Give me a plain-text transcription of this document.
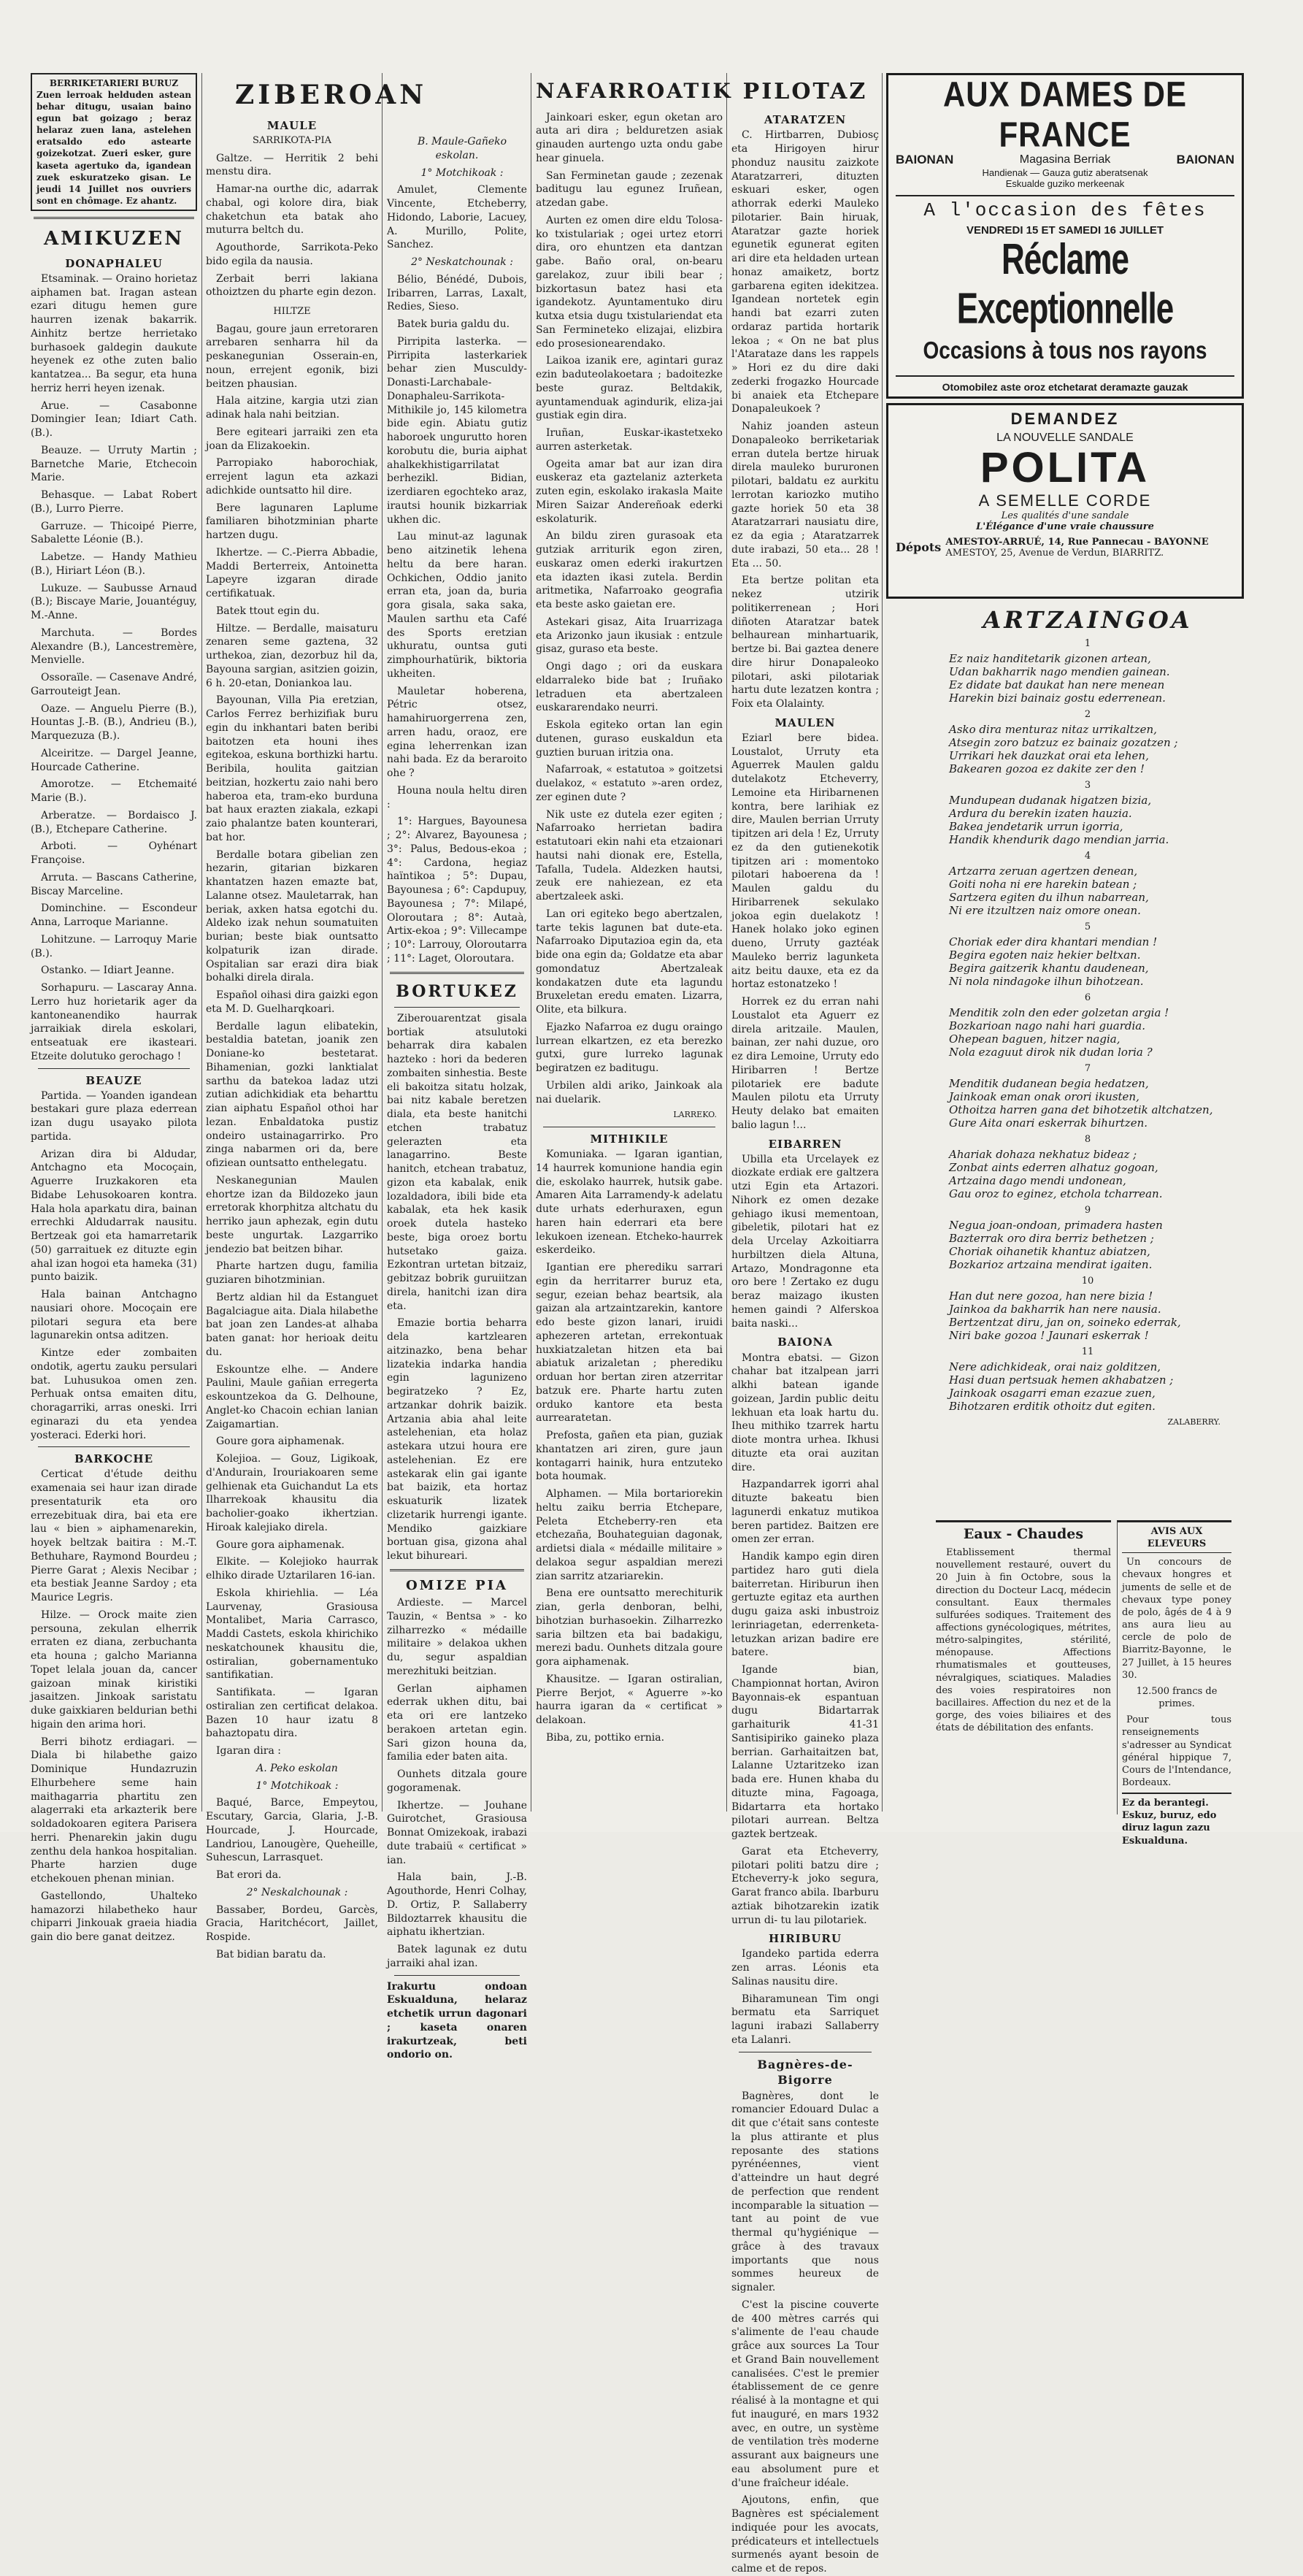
BERRIKETARIERI BURUZ
Zuen lerroak helduden astean behar ditugu, usaian baino egun bat goizago ; beraz helaraz zuen lana, astelehen eratsaldo edo astearte goizekotzat. Zueri esker, gure kaseta agertuko da, igandean zuek eskuratzeko gisan. Le jeudi 14 Juillet nos ouvriers sont en chômage. Ez ahantz.
AMIKUZEN
DONAPHALEU

Etsaminak. — Oraino horietaz aiphamen bat. Iragan astean ezari ditugu hemen gure haurren izenak bakarrik. Ainhitz bertze herrietako burhasoek galdegin daukute heyenek ez othe zuten balio kantatzea... Ba segur, eta huna herriz herri heyen izenak.

Arue. — Casabonne Domingier Iean; Idiart Cath. (B.).

Beauze. — Urruty Martin ; Barnetche Marie, Etchecoin Marie.

Behasque. — Labat Robert (B.), Lurro Pierre.

Garruze. — Thicoipé Pierre, Sabalette Léonie (B.).

Labetze. — Handy Mathieu (B.), Hiriart Léon (B.).

Lukuze. — Saubusse Arnaud (B.); Biscaye Marie, Jouantéguy, M.-Anne.

Marchuta. — Bordes Alexandre (B.), Lancestremère, Menvielle.

Ossoraïle. — Casenave André, Garrouteigt Jean.

Oaze. — Anguelu Pierre (B.), Hountas J.-B. (B.), Andrieu (B.), Marquezuza (B.).

Alceiritze. — Dargel Jeanne, Hourcade Catherine.

Amorotze. — Etchemaité Marie (B.).

Arberatze. — Bordaisco J. (B.), Etchepare Catherine.

Arboti. — Oyhénart Françoise.

Arruta. — Bascans Catherine, Biscay Marceline.

Dominchine. — Escondeur Anna, Larroque Marianne.

Lohitzune. — Larroquy Marie (B.).

Ostanko. — Idiart Jeanne.

Sorhapuru. — Lascaray Anna. Lerro huz horietarik ager da kantoneanendiko haurrak jarraikiak direla eskolari, entseatuak ere ikasteari. Etzeite dolutuko gerochago !

BEAUZE

Partida. — Yoanden igandean bestakari gure plaza ederrean izan dugu usayako pilota partida.

Arizan dira bi Aldudar, Antchagno eta Mocoçain, Aguerre Iruzkakoren eta Bidabe Lehusokoaren kontra. Hala hola aparkatu dira, bainan errechki Aldudarrak nausitu. Bertzeak goi eta hamarretarik (50) garraituek ez dituzte egin ahal izan hogoi eta hameka (31) punto baizik.

Hala bainan Antchagno nausiari ohore. Mocoçain ere pilotari segura eta bere lagunarekin ontsa aditzen.

Kintze eder zombaiten ondotik, agertu zauku persulari bat. Luhusukoa omen zen. Perhuak ontsa emaiten ditu, choragarriki, arras oneski. Irri eginarazi du eta yendea yosteraci. Ederki hori.

BARKOCHE

Certicat d'étude deithu examenaia sei haur izan dirade presentaturik eta oro errezebituak dira, bai eta ere lau « bien » aiphamenarekin, hoyek beltzak baitira : M.-T. Bethuhare, Raymond Bourdeu ; Pierre Garat ; Alexis Necibar ; eta bestiak Jeanne Sardoy ; eta Maurice Legris.

Hilze. — Orock maite zien persouna, zekulan elherrik erraten ez diana, zerbuchanta eta houna ; galcho Marianna Topet lelala jouan da, cancer gaizoan minak kiristiki jasaitzen. Jinkoak saristatu duke gaixkiaren beldurian bethi higain den arima hori.

Berri bihotz erdiagari. — Diala bi hilabethe gaizo Dominique Hundazruzin Elhurbehere seme hain maithagarria phartitu zen alagerraki eta arkazterik bere soldadokoaren egitera Parisera herri. Phenarekin jakin dugu zenthu dela hankoa hospitalian. Pharte harzien duge etchekouen phenan minian.

Gastellondo, Uhalteko hamazorzi hilabetheko haur chiparri Jinkouak graeia hiadia gain dio bere ganat deitzez.

ZIBEROAN
MAULE
SARRIKOTA-PIA

Galtze. — Herritik 2 behi menstu dira.

Hamar-na ourthe dic, adarrak chabal, ogi kolore dira, biak chaketchun eta batak aho muturra beltch du.

Agouthorde, Sarrikota-Peko bido egila da nausia.

Zerbait berri lakiana othoiztzen du pharte egin dezon.

HILTZE

Bagau, goure jaun erretoraren arrebaren senharra hil da peskanegunian Osserain-en, noun, errejent egonik, bizi beitzen phausian.

Hala aitzine, kargia utzi zian adinak hala nahi beitzian.

Bere egiteari jarraiki zen eta joan da Elizakoekin.

Parropiako haborochiak, errejent lagun eta azkazi adichkide ountsatto hil dire.

Bere lagunaren Laplume familiaren bihotzminian pharte hartzen dugu.

Ikhertze. — C.-Pierra Abbadie, Maddi Berterreix, Antoinetta Lapeyre izgaran dirade certifikatuak.

Batek ttout egin du.

Hiltze. — Berdalle, maisaturu zenaren seme gaztena, 32 urthekoa, zian, dezorbuz hil da, Bayouna sargian, asitzien goizin, 6 h. 20-etan, Doniankoa lau.

Bayounan, Villa Pia eretzian, Carlos Ferrez berhizifiak buru egin du inkhantari baten beribi baitotzen eta houni ihes egitekoa, eskuna borthizki hartu. Beribila, houlita gaitzian beitzian, hozkertu zaio nahi bero haberoa eta, tram-eko burduna bat haux erazten ziakala, ezkapi zaio phalantze baten kounterari, bat hor.

Berdalle botara gibelian zen hezarin, gitarian bizkaren khantatzen hazen emazte bat, Lalanne otsez. Mauletarrak, han beriak, axken hatsa egotchi du. Aldeko izak nehun soumatuiten burian; beste biak ountsatto kolpaturik izan dirade. Ospitalian sar erazi dira biak bohalki direla dirala.

Español oihasi dira gaizki egon eta M. D. Guelharqkoari.

Berdalle lagun elibatekin, bestaldia batetan, joanik zen Doniane-ko bestetarat. Bihamenian, gozki lanktialat sarthu da batekoa ladaz utzi zutian adichkidiak eta beharttu zian aiphatu Español othoi har lezan. Enbaldatoka pustiz ondeiro ustainagarrirko. Pro zinga nabarmen ori da, bere ofiziean ountsatto enthelegatu.

Neskanegunian Maulen ehortze izan da Bildozeko jaun erretorak khorphitza altchatu du herriko jaun aphezak, egin dutu beste ungurtak. Lazgarriko jendezio bat beitzen bihar.

Pharte hartzen dugu, familia guziaren bihotzminian.

Bertz aldian hil da Estanguet Bagalciague aita. Diala hilabethe bat joan zen Landes-at alhaba baten ganat: hor herioak deitu du.

Eskountze elhe. — Andere Paulini, Maule gañian erregerta eskountzekoa da G. Delhoune, Anglet-ko Chacoin echian lanian Zaigamartian.

Goure gora aiphamenak.

Kolejioa. — Gouz, Ligikoak, d'Andurain, Irouriakoaren seme gelhienak eta Guichandut La ets Ilharrekoak khausitu dia bacholier-goako ikhertzian. Hiroak kalejiako direla.

Goure gora aiphamenak.

Elkite. — Kolejioko haurrak elhiko dirade Uztarilaren 16-ian.

Eskola khiriehlia. — Léa Laurvenay, Grasiousa Montalibet, Maria Carrasco, Maddi Castets, eskola khirichiko neskatchounek khausitu die, ostiralian, gobernamentuko santifikatian.

Santifikata. — Igaran ostiralian zen certificat delakoa. Bazen 10 haur izatu 8 bahaztopatu dira.

Igaran dira :

A. Peko eskolan

1° Motchikoak :

Baqué, Barce, Empeytou, Escutary, Garcia, Glaria, J.-B. Hourcade, J. Hourcade, Landriou, Lanougère, Queheille, Suhescun, Larrasquet.

Bat erori da.

2° Neskalchounak :

Bassaber, Bordeu, Garcès, Gracia, Haritchécort, Jaillet, Rospide.

Bat bidian baratu da.

B. Maule-Gañeko eskolan.

1° Motchikoak :

Amulet, Clemente Vincente, Etcheberry, Hidondo, Laborie, Lacuey, A. Murillo, Polite, Sanchez.

2° Neskatchounak :

Bélio, Bénédé, Dubois, Iribarren, Larras, Laxalt, Redies, Sieso.

Batek buria galdu du.

Pirripita lasterka. — Pirripita lasterkariek behar zien Musculdy-Donasti-Larchabale-Donaphaleu-Sarrikota-Mithikile jo, 145 kilometra bide egin. Abiatu gutiz haboroek ungurutto horen korobutu die, buria aiphat ahalkekhistigarrilatat berhezikl. Bidian, izerdiaren egochteko araz, irautsi hounik bizkarriak ukhen dic.

Lau minut-az lagunak beno aitzinetik lehena heltu da bere haran. Ochkichen, Oddio janito erran eta, joan da, buria gora gisala, saka saka, Maulen sarthu eta Café des Sports eretzian ukhuratu, ountsa guti zimphourhatürik, biktoria ukheiten.

Mauletar hoberena, Pétric otsez, hamahiruorgerrena zen, arren hadu, oraoz, ere egina leherrenkan izan nahi bada. Ez da beraroito ohe ?

Houna noula heltu diren :

1°: Hargues, Bayounesa ; 2°: Alvarez, Bayounesa ; 3°: Palus, Bedous-ekoa ; 4°: Cardona, hegiaz haïntikoa ; 5°: Dupau, Bayounesa ; 6°: Capdupuy, Bayounesa ; 7°: Milapé, Oloroutara ; 8°: Autaà, Artix-ekoa ; 9°: Villecampe ; 10°: Larrouy, Oloroutarra ; 11°: Laget, Oloroutara.

BORTUKEZ

Ziberouarentzat gisala bortiak atsulutoki beharrak dira kabalen hazteko : hori da bederen zombaiten sinhestia. Beste eli bakoitza sitatu holzak, bai nitz kabale beretzen diala, eta beste hanitchi etchen trabatuz gelerazten eta lanagarrino. Beste hanitch, etchean trabatuz, gizon eta kabalak, enik lozaldadora, ibili bide eta kabalak, eta hek kasik oroek dutela hasteko beste, biga oroez bortu hutsetako gaiza. Ezkontran urtetan bitzaiz, gebitzaz bobrik guruiitzan direla, hanitchi izan dira eta.

Emazie bortia beharra dela kartzlearen aitzinazko, bena behar lizatekia indarka handia egin lagunizeno begiratzeko ? Ez, artzankar dohrik baizik. Artzania abia ahal leite astelehenian, eta holaz astekara utzui houra ere astelehenian. Ez ere astekarak elin gai igante bat baizik, eta hortaz eskuaturik lizatek clizetarik hurrengi igante. Mendiko gaizkiare bortuan gisa, gizona ahal lekut bihureari.

OMIZE PIA

Ardieste. — Marcel Tauzin, « Bentsa » - ko zilharrezko « médaille militaire » delakoa ukhen du, segur aspaldian merezhituki beitzian.

Gerlan aiphamen ederrak ukhen ditu, bai eta ori ere lantzeko berakoen artetan egin. Sari gizon houna da, familia eder baten aita.

Ounhets ditzala goure gogoramenak.

Ikhertze. — Jouhane Guirotchet, Grasiousa Bonnat Omizekoak, irabazi dute trabaiü « certificat » ian.

Hala bain, J.-B. Agouthorde, Henri Colhay, D. Ortiz, P. Sallaberry Bildoztarrek khausitu die aiphatu ikhertzian.

Batek lagunak ez dutu jarraiki ahal izan.

Irakurtu ondoan Eskualduna, helaraz etchetik urrun dagonari ; kaseta onaren irakurtzeak, beti ondorio on.

NAFARROATIK

Jainkoari esker, egun oketan aro auta ari dira ; belduretzen asiak ginauden aurtengo uzta ondu gabe hear ginuela.

San Ferminetan gaude ; zezenak baditugu lau egunez Iruñean, atzedan gabe.

Aurten ez omen dire eldu Tolosa-ko txistulariak ; ogei urtez etorri dira, oro ehuntzen eta dantzan gabe. Baño oral, on-bearu garelakoz, zuur ibili bear ; bizkortasun batez hasi eta igandekotz. Ayuntamentuko diru kutxa etsia dugu txistulariendat eta San Fermineteko elizajai, elizbira edo prosesionearendako.

Laikoa izanik ere, agintari guraz ezin baduteolakoetara ; badoitezke beste guraz. Beltdakik, ayuntamenduak agindurik, eliza-jai gustiak egin dira.

Iruñan, Euskar-ikastetxeko aurren asterketak.

Ogeita amar bat aur izan dira euskeraz eta gaztelaniz azterketa zuten egin, eskolako irakasla Maite Miren Saizar Andereñoak ederki eskolaturik.

An bildu ziren gurasoak eta gutziak arriturik egon ziren, euskaraz omen ederki irakurtzen eta idazten ikasi zutela. Berdin aritmetika, Nafarroako geografia eta beste asko gaietan ere.

Astekari gisaz, Aita Iruarrizaga eta Arizonko jaun ikusiak : entzule gisaz, guraso eta beste.

Ongi dago ; ori da euskara eldarraleko bide bat ; Iruñako letraduen eta abertzaleen euskararendako neurri.

Eskola egiteko ortan lan egin dutenen, guraso euskaldun eta guztien buruan iritzia ona.

Nafarroak, « estatutoa » goitzetsi duelakoz, « estatuto »-aren ordez, zer eginen dute ?

Nik uste ez dutela ezer egiten ; Nafarroako herrietan badira estatutoari ekin nahi eta etzaionari hautsi nahi dionak ere, Estella, Tafalla, Tudela. Aldezken hautsi, zeuk ere nahiezean, ez eta abertzaleek aski.

Lan ori egiteko bego abertzalen, tarte tekis lagunen bat dute-eta. Nafarroako Diputazioa egin da, eta bide ona egin da; Goldatze eta abar gomondatuz Abertzaleak kondakatzen dute eta lagundu Bruxeletan eredu ematen. Lizarra, Olite, eta bilkura.

Ejazko Nafarroa ez dugu oraingo lurrean elkartzen, ez eta berezko gutxi, gure lurreko lagunak begiratzen ez baditugu.

Urbilen aldi ariko, Jainkoak ala nai duelarik.

LARREKO.
MITHIKILE

Komuniaka. — Igaran igantian, 14 haurrek komunione handia egin die, eskolako haurrek, hutsik gabe. Amaren Aita Larramendy-k adelatu dute urhats ederhuraxen, egun haren hain ederrari eta bere lekukoen izenean. Etcheko-haurrek eskerdeiko.

Igantian ere pherediku sarrari egin da herritarrer buruz eta, segur, ezeian behaz beartsik, ala gaizan ala artzaintzarekin, kantore edo beste gizon lanari, iruidi aphezeren artetan, errekontuak huxkiatzaletan hitzen eta bai abiatuk arizaletan ; pherediku orduan hor bertan ziren atzerritar batzuk ere. Pharte hartu zuten orduko kantore eta besta aurrearatetan.

Prefosta, gañen eta pian, guziak khantatzen ari ziren, gure jaun kontagarri hainik, hura entzuteko bota houmak.

Alphamen. — Mila bortariorekin heltu zaiku berria Etchepare, Peleta Etcheberry-ren eta etchezaña, Bouhateguian dagonak, ardietsi diala « médaille militaire » delakoa segur aspaldian merezi zian sarritz atzariarekin.

Bena ere ountsatto merechiturik zian, gerla denboran, belhi, bihotzian burhasoekin. Zilharrezko saria biltzen eta bai badakigu, merezi badu. Ounhets ditzala goure gora aiphamenak.

Khausitze. — Igaran ostiralian, Pierre Berjot, « Aguerre »-ko haurra igaran da « certificat » delakoan.

Biba, zu, pottiko ernia.

PILOTAZ
ATARATZEN

C. Hirtbarren, Dubiosç eta Hirigoyen hirur phonduz nausitu zaizkote Ataratzarreri, dituzten eskuari esker, ogen athorrak ederki Mauleko pilotarier. Bain hiruak, Ataratzar gazte horiek egunetik egunerat egiten ari dire eta heldaden urtean honaz amaiketz, bortz garbarena egiten idekitzea. Igandean nortetek egin handi bat ezarri zuten ordaraz partida hortarik lekoa ; « On ne bat plus l'Atarataze dans les rappels » Hori ez du dire daki zederki frogazko Hourcade bi anaiek eta Etchepare Donapaleukoek ?

Nahiz joanden asteun Donapaleoko berriketariak erran dutela bertze hiruak direla mauleko bururonen pilotari, baldatu ez aurkitu lerrotan kariozko mutiho gazte horiek 50 eta 38 Ataratzarrari nausiatu dire, ez da egia ; Ataratzarrek dute irabazi, 50 eta... 28 ! Eta ... 50.

Eta bertze politan eta nekez utzirik politikerrenean ; Hori diñoten Ataratzar batek belhaurean minhartuarik, bertze bi. Bai gaztea denere dire hirur Donapaleoko pilotari, aski pilotariak hartu dute lezatzen kontra ; Foix eta Olalainty.

MAULEN

Eziarl bere bidea. Loustalot, Urruty eta Aguerrek Maulen galdu dutelakotz Etcheverry, Lemoine eta Hiribarnenen kontra, bere larihiak ez dire, Maulen berrian Urruty tipitzen ari dela ! Ez, Urruty ez da den gutienekotik tipitzen ari : momentoko pilotari haboerena da ! Maulen galdu du Hiribarrenek sekulako jokoa egin duelakotz ! Hanek holako joko eginen dueno, Urruty gaztéak Mauleko berriz lagunketa aitz beitu dauxe, eta ez da hortaz estonatzeko !

Horrek ez du erran nahi Loustalot eta Aguerr ez direla aritzaile. Maulen, bainan, zer nahi duzue, oro ez dira Lemoine, Urruty edo Hiribarren ! Bertze pilotariek ere badute Maulen pilotu eta Urruty Heuty delako bat emaiten balio lagun !...

EIBARREN

Ubilla eta Urcelayek ez diozkate erdiak ere galtzera utzi Egin eta Artazori. Nihork ez omen dezake gehiago ikusi mementoan, gibeletik, pilotari hat ez dela Urcelay Azkoitiarra hurbiltzen diela Altuna, Artazo, Mondragonne eta oro bere ! Zertako ez dugu beraz maizago ikusten hemen gaindi ? Alferskoa baita naski...

BAIONA

Montra ebatsi. — Gizon chahar bat itzalpean jarri alkhi batean igande goizean, Jardin public deitu lekhuan eta loak hartu du. Iheu mithiko tzarrek hartu diote montra urhea. Ikhusi dituzte eta orai auzitan dire.

Hazpandarrek igorri ahal dituzte bakeatu bien lagunerdi enkatuz mutikoa beren partidez. Baitzen ere omen zer erran.

Handik kampo egin diren partidez haro guti diela baiterretan. Hiriburun ihen gertuzte egitaz eta aurthen dugu gaiza aski inbustroiz lerinriagetan, ederrenketa-letuzkan arizan badire ere batere.

Igande bian, Championnat hortan, Aviron Bayonnais-ek espantuan dugu Bidartarrak garhaiturik 41-31 Santisipiriko gaineko plaza berrian. Garhaitaitzen bat, Lalanne Uztaritzeko izan bada ere. Hunen khaba du dituzte mina, Fagoaga, Bidartarra eta hortako pilotari aurrean. Beltza gaztek bertzeak.

Garat eta Etcheverry, pilotari politi batzu dire ; Etcheverry-k joko segura, Garat franco abila. Ibarburu aztiak bihotzarekin izatik urrun di- tu lau pilotariek.

HIRIBURU

Igandeko partida ederra zen arras. Léonis eta Salinas nausitu dire.

Biharamunean Tim ongi bermatu eta Sarriquet laguni irabazi Sallaberry eta Lalanri.

Bagnères-de-Bigorre

Bagnères, dont le romancier Edouard Dulac a dit que c'était sans conteste la plus attirante et plus reposante des stations pyrénéennes, vient d'atteindre un haut degré de perfection que rendent incomparable la situation — tant au point de vue thermal qu'hygiénique — grâce à des travaux importants que nous sommes heureux de signaler.

C'est la piscine couverte de 400 mètres carrés qui s'alimente de l'eau chaude grâce aux sources La Tour et Grand Bain nouvellement canalisées. C'est le premier établissement de ce genre réalisé à la montagne et qui fut inauguré, en mars 1932 avec, en outre, un système de ventilation très moderne assurant aux baigneurs une eau absolument pure et d'une fraîcheur idéale.

Ajoutons, enfin, que Bagnères est spécialement indiquée pour les avocats, prédicateurs et intellectuels surmenés ayant besoin de calme et de repos.

AUX DAMES DE FRANCE
BAIONAN	Magasina Berriak	BAIONAN
Handienak — Gauza gutiz aberatsenak
Eskualde guziko merkeenak
A l'occasion des fêtes
VENDREDI 15 ET SAMEDI 16 JUILLET
Réclame Exceptionnelle
Occasions à tous nos rayons
Otomobilez aste oroz etchetarat deramazte gauzak
DEMANDEZ
LA NOUVELLE SANDALE
POLITA
A SEMELLE CORDE
Les qualités d'une sandale
L'Élégance d'une vraie chaussure
Dépots AMESTOY-ARRUÉ, 14, Rue Pannecau - BAYONNE
AMESTOY, 25, Avenue de Verdun, BIARRITZ.
ARTZAINGOA
1
Ez naiz handitetarik gizonen artean,
Udan bakharrik nago mendien gainean.
Ez didate bat daukat han nere menean
Harekin bizi bainaiz gostu ederrenean.
2
Asko dira menturaz nitaz urrikaltzen,
Atsegin zoro batzuz ez bainaiz gozatzen ;
Urrikari hek dauzkat orai eta lehen,
Bakearen gozoa ez dakite zer den !
3
Mundupean dudanak higatzen bizia,
Ardura du berekin izaten hauzia.
Bakea jendetarik urrun igorria,
Handik khendurik dago mendian jarria.
4
Artzarra zeruan agertzen denean,
Goiti noha ni ere harekin batean ;
Sartzera egiten du ilhun nabarrean,
Ni ere itzultzen naiz omore onean.
5
Choriak eder dira khantari mendian !
Begira egoten naiz hekier beltxan.
Begira gaitzerik khantu daudenean,
Ni nola nindagoke ilhun bihotzean.
6
Menditik zoln den eder golzetan argia !
Bozkarioan nago nahi hari guardia.
Ohepean baguen, hitzer nagia,
Nola ezaguut dirok nik dudan loria ?
7
Menditik dudanean begia hedatzen,
Jainkoak eman onak orori ikusten,
Othoitza harren gana det bihotzetik altchatzen,
Gure Aita onari eskerrak bihurtzen.
8
Ahariak dohaza nekhatuz bideaz ;
Zonbat aints ederren alhatuz gogoan,
Artzaina dago mendi undonean,
Gau oroz to eginez, etchola tcharrean.
9
Negua joan-ondoan, primadera hasten
Bazterrak oro dira berriz bethetzen ;
Choriak oihanetik khantuz abiatzen,
Bozkarioz artzaina mendirat igaiten.
10
Han dut nere gozoa, han nere bizia !
Jainkoa da bakharrik han nere nausia.
Bertzentzat diru, jan on, soineko ederrak,
Niri bake gozoa ! Jaunari eskerrak !
11
Nere adichkideak, orai naiz golditzen,
Hasi duan pertsuak hemen akhabatzen ;
Jainkoak osagarri eman ezazue zuen,
Bihotzaren erditik othoitz dut egiten.
ZALABERRY.
Eaux - Chaudes

Etablissement thermal nouvellement restauré, ouvert du 20 Juin à fin Octobre, sous la direction du Docteur Lacq, médecin consultant. Eaux thermales sulfurées sodiques. Traitement des affections gynécologiques, métrites, métro-salpingites, stérilité, ménopause. Affections rhumatismales et goutteuses, névralgiques, sciatiques. Maladies des voies respiratoires non bacillaires. Affection du nez et de la gorge, des voies biliaires et des états de débilitation des enfants.

AVIS AUX ELEVEURS

Un concours de chevaux hongres et juments de selle et de chevaux type poney de polo, âgés de 4 à 9 ans aura lieu au cercle de polo de Biarritz-Bayonne, le 27 Juillet, à 15 heures 30.

12.500 francs de primes.

Pour tous renseignements s'adresser au Syndicat général hippique 7, Cours de l'Intendance, Bordeaux.

Ez da berantegi. Eskuz, buruz, edo diruz lagun zazu Eskualduna.
